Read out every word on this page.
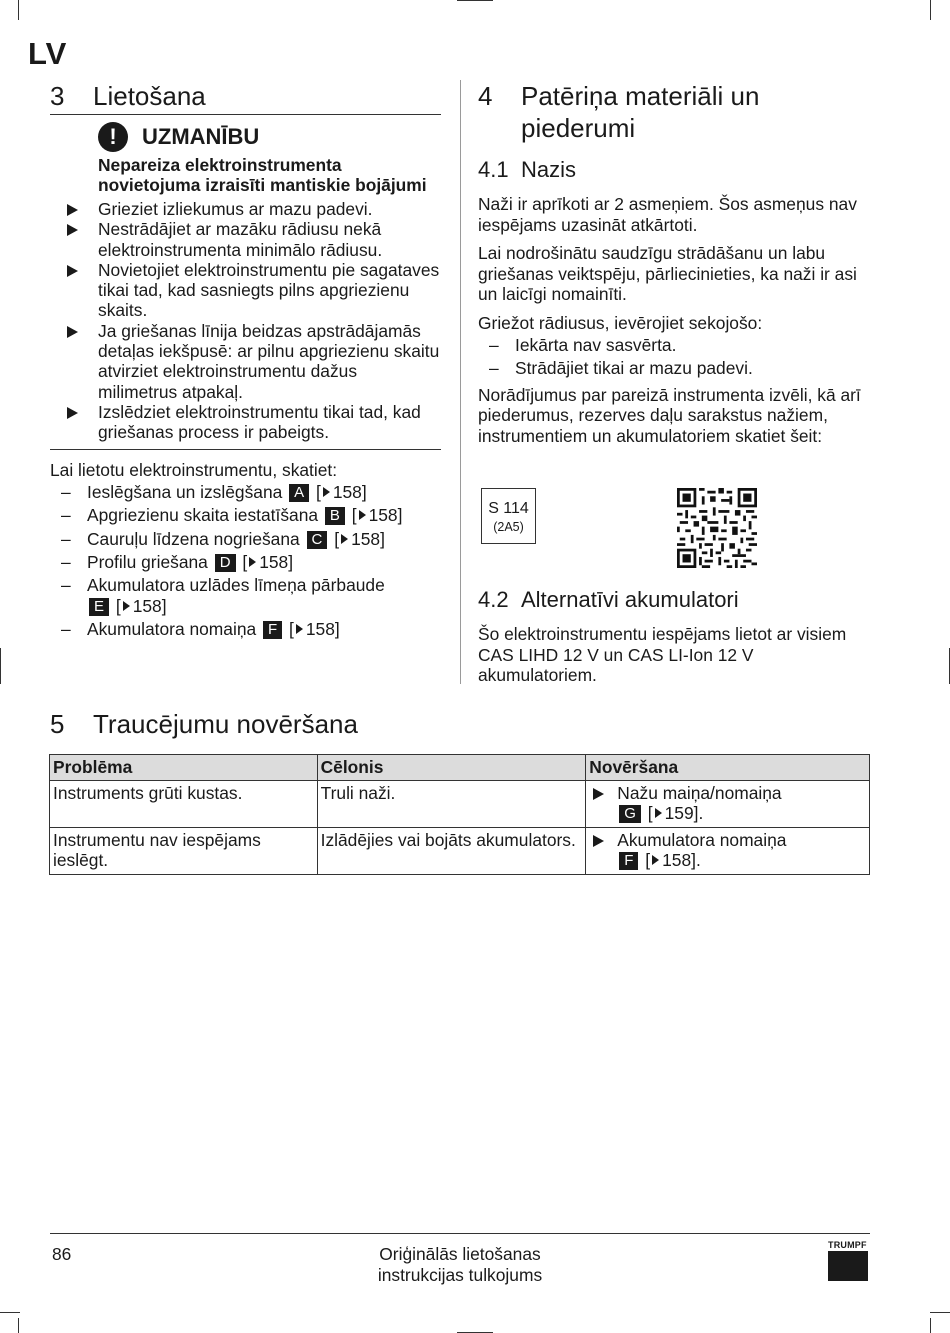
LV
3	Lietošana
!	UZMANĪBU
Nepareiza elektroinstrumenta novietojuma izraisīti mantiskie bojājumi
Grieziet izliekumus ar mazu padevi.
Nestrādājiet ar mazāku rādiusu nekā elektroinstrumenta minimālo rādiusu.
Novietojiet elektroinstrumentu pie sagataves tikai tad, kad sasniegts pilns apgriezienu skaits.
Ja griešanas līnija beidzas apstrādājamās detaļas iekšpusē: ar pilnu apgriezienu skaitu atvirziet elektroinstrumentu dažus milimetrus atpakaļ.
Izslēdziet elektroinstrumentu tikai tad, kad griešanas process ir pabeigts.
Lai lietotu elektroinstrumentu, skatiet:
– Ieslēgšana un izslēgšana A [ 158]
– Apgriezienu skaita iestatīšana B [ 158]
– Cauruļu līdzena nogriešana C [ 158]
– Profilu griešana D [ 158]
– Akumulatora uzlādes līmeņa pārbaude
E [ 158]
– Akumulatora nomaiņa F [ 158]
4	Patēriņa materiāli un
piederumi
4.1 Nazis
Naži ir aprīkoti ar 2 asmeņiem. Šos asmeņus nav iespējams uzasināt atkārtoti.
Lai nodrošinātu saudzīgu strādāšanu un labu griešanas veiktspēju, pārliecinieties, ka naži ir asi un laicīgi nomainīti.
Griežot rādiusus, ievērojiet sekojošo:
– Iekārta nav sasvērta.
– Strādājiet tikai ar mazu padevi.
Norādījumus par pareizā instrumenta izvēli, kā arī piederumus, rezerves daļu sarakstus nažiem, instrumentiem un akumulatoriem skatiet šeit:
S 114
(2A5)
4.2 Alternatīvi akumulatori
Šo elektroinstrumentu iespējams lietot ar visiem CAS LIHD 12 V un CAS LI-Ion 12 V akumulatoriem.
5	Traucējumu novēršana
Problēma	Cēlonis	Novēršana
Instruments grūti kustas.	Truli naži.	Nažu maiņa/nomaiņa
G [ 159].

Instrumentu nav iespējams ieslēgt.	Izlādējies vai bojāts akumulators.	Akumulatora nomaiņa
F [ 158].
86	Oriģinālās lietošanas
instrukcijas tulkojums
TRUMPF
